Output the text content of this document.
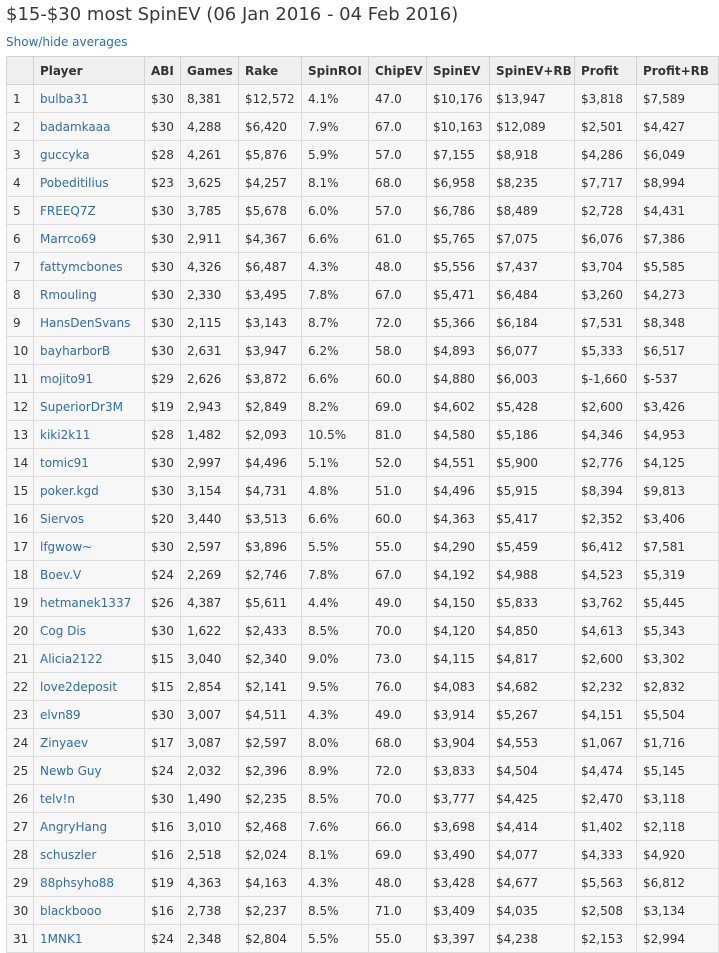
$15-$30 most SpinEV (06 Jan 2016 - 04 Feb 2016)
Show/hide averages
	Player	ABI	Games	Rake	SpinROI	ChipEV	SpinEV	SpinEV+RB	Profit	Profit+RB
1	bulba31	$30	8,381	$12,572	4.1%	47.0	$10,176	$13,947	$3,818	$7,589
2	badamkaaa	$30	4,288	$6,420	7.9%	67.0	$10,163	$12,089	$2,501	$4,427
3	guccyka	$28	4,261	$5,876	5.9%	57.0	$7,155	$8,918	$4,286	$6,049
4	Pobeditilius	$23	3,625	$4,257	8.1%	68.0	$6,958	$8,235	$7,717	$8,994
5	FREEQ7Z	$30	3,785	$5,678	6.0%	57.0	$6,786	$8,489	$2,728	$4,431
6	Marrco69	$30	2,911	$4,367	6.6%	61.0	$5,765	$7,075	$6,076	$7,386
7	fattymcbones	$30	4,326	$6,487	4.3%	48.0	$5,556	$7,437	$3,704	$5,585
8	Rmouling	$30	2,330	$3,495	7.8%	67.0	$5,471	$6,484	$3,260	$4,273
9	HansDenSvans	$30	2,115	$3,143	8.7%	72.0	$5,366	$6,184	$7,531	$8,348
10	bayharborB	$30	2,631	$3,947	6.2%	58.0	$4,893	$6,077	$5,333	$6,517
11	mojito91	$29	2,626	$3,872	6.6%	60.0	$4,880	$6,003	$-1,660	$-537
12	SuperiorDr3M	$19	2,943	$2,849	8.2%	69.0	$4,602	$5,428	$2,600	$3,426
13	kiki2k11	$28	1,482	$2,093	10.5%	81.0	$4,580	$5,186	$4,346	$4,953
14	tomic91	$30	2,997	$4,496	5.1%	52.0	$4,551	$5,900	$2,776	$4,125
15	poker.kgd	$30	3,154	$4,731	4.8%	51.0	$4,496	$5,915	$8,394	$9,813
16	Siervos	$20	3,440	$3,513	6.6%	60.0	$4,363	$5,417	$2,352	$3,406
17	lfgwow~	$30	2,597	$3,896	5.5%	55.0	$4,290	$5,459	$6,412	$7,581
18	Boev.V	$24	2,269	$2,746	7.8%	67.0	$4,192	$4,988	$4,523	$5,319
19	hetmanek1337	$26	4,387	$5,611	4.4%	49.0	$4,150	$5,833	$3,762	$5,445
20	Cog Dis	$30	1,622	$2,433	8.5%	70.0	$4,120	$4,850	$4,613	$5,343
21	Alicia2122	$15	3,040	$2,340	9.0%	73.0	$4,115	$4,817	$2,600	$3,302
22	love2deposit	$15	2,854	$2,141	9.5%	76.0	$4,083	$4,682	$2,232	$2,832
23	elvn89	$30	3,007	$4,511	4.3%	49.0	$3,914	$5,267	$4,151	$5,504
24	Zinyaev	$17	3,087	$2,597	8.0%	68.0	$3,904	$4,553	$1,067	$1,716
25	Newb Guy	$24	2,032	$2,396	8.9%	72.0	$3,833	$4,504	$4,474	$5,145
26	telv!n	$30	1,490	$2,235	8.5%	70.0	$3,777	$4,425	$2,470	$3,118
27	AngryHang	$16	3,010	$2,468	7.6%	66.0	$3,698	$4,414	$1,402	$2,118
28	schuszler	$16	2,518	$2,024	8.1%	69.0	$3,490	$4,077	$4,333	$4,920
29	88phsyho88	$19	4,363	$4,163	4.3%	48.0	$3,428	$4,677	$5,563	$6,812
30	blackbooo	$16	2,738	$2,237	8.5%	71.0	$3,409	$4,035	$2,508	$3,134
31	1MNK1	$24	2,348	$2,804	5.5%	55.0	$3,397	$4,238	$2,153	$2,994
